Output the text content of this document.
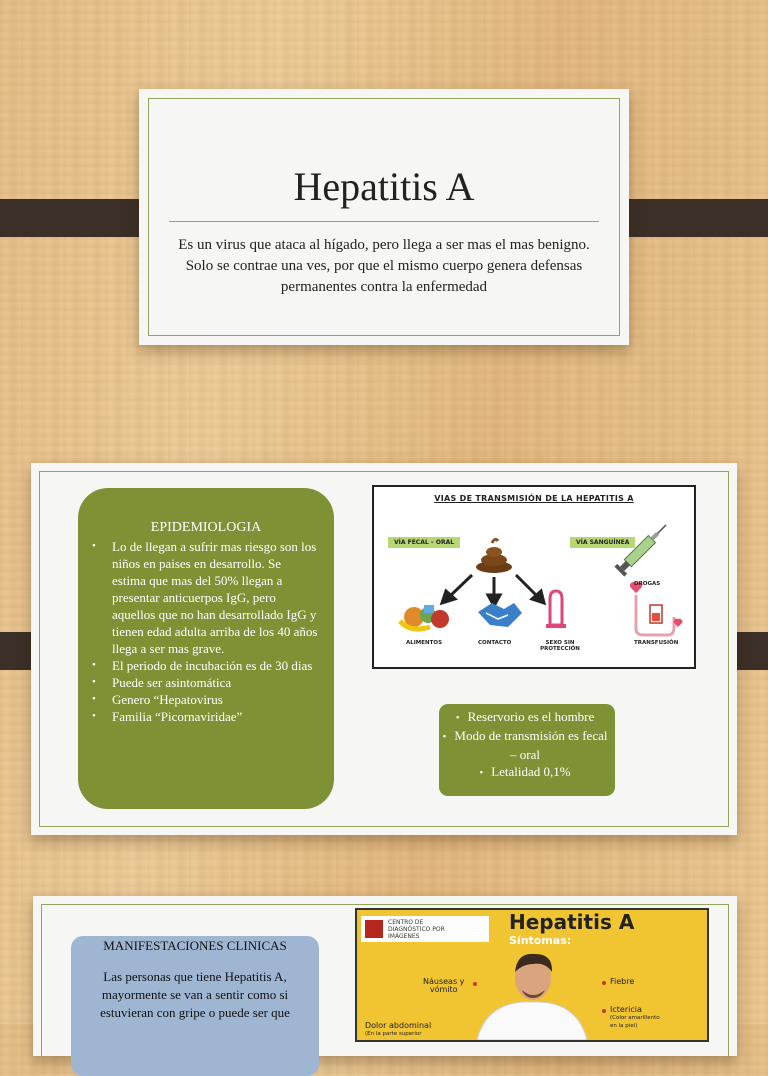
Hepatitis A

Es un virus que ataca al hígado, pero llega a ser mas el mas benigno. Solo se contrae una ves, por que el mismo cuerpo genera defensas permanentes contra la enfermedad

EPIDEMIOLOGIA
• Lo de llegan a sufrir mas riesgo son los niños en paises en desarrollo. Se estima que mas del 50% llegan a presentar anticuerpos IgG, pero aquellos que no han desarrollado IgG y tienen edad adulta arriba de los 40 años llega a ser mas grave.
• El periodo de incubación es de 30 dias
• Puede ser asintomática
• Genero “Hepatovirus
• Familia “Picornaviridae”
VIAS DE TRANSMISIÓN DE LA HEPATITIS A
VÍA FECAL – ORAL	VÍA SANGUÍNEA
ALIMENTOS	CONTACTO	SEXO SIN
PROTECCIÓN
DROGAS
TRANSFUSIÓN
• Reservorio es el hombre
• Modo de transmisión es fecal – oral
• Letalidad 0,1%
MANIFESTACIONES CLINICAS
Las personas que tiene Hepatitis A, mayormente se van a sentir como si estuvieran con gripe o puede ser que
CENTRO DE
DIAGNÓSTICO POR
IMÁGENES
Hepatitis A
Síntomas:
Náuseas y
vómito
Fiebre
Dolor abdominal
(En la parte superior
Ictericia
(Color amarillento
en la piel)
